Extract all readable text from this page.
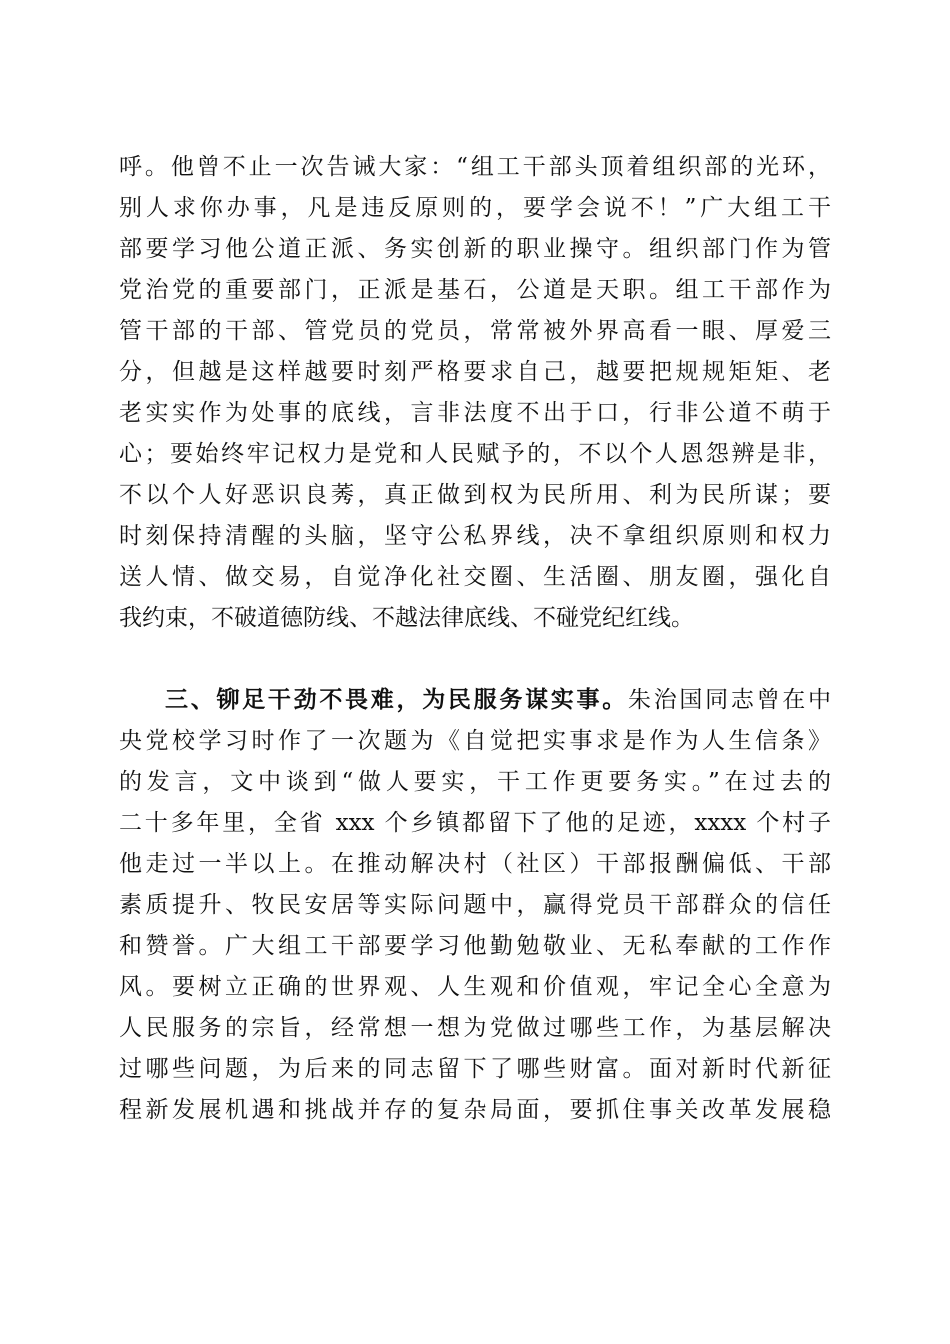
呼。他曾不止一次告诫大家：“组工干部头顶着组织部的光环，
别人求你办事，凡是违反原则的，要学会说不！”广大组工干
部要学习他公道正派、务实创新的职业操守。组织部门作为管
党治党的重要部门，正派是基石，公道是天职。组工干部作为
管干部的干部、管党员的党员，常常被外界高看一眼、厚爱三
分，但越是这样越要时刻严格要求自己，越要把规规矩矩、老
老实实作为处事的底线，言非法度不出于口，行非公道不萌于
心；要始终牢记权力是党和人民赋予的，不以个人恩怨辨是非，
不以个人好恶识良莠，真正做到权为民所用、利为民所谋；要
时刻保持清醒的头脑，坚守公私界线，决不拿组织原则和权力
送人情、做交易，自觉净化社交圈、生活圈、朋友圈，强化自
我约束，不破道德防线、不越法律底线、不碰党纪红线。
三、铆足干劲不畏难，为民服务谋实事。朱治国同志曾在中
央党校学习时作了一次题为《自觉把实事求是作为人生信条》
的发言，文中谈到“做人要实，干工作更要务实。”在过去的
二十多年里，全省 xxx 个乡镇都留下了他的足迹，xxxx 个村子
他走过一半以上。在推动解决村（社区）干部报酬偏低、干部
素质提升、牧民安居等实际问题中，赢得党员干部群众的信任
和赞誉。广大组工干部要学习他勤勉敬业、无私奉献的工作作
风。要树立正确的世界观、人生观和价值观，牢记全心全意为
人民服务的宗旨，经常想一想为党做过哪些工作，为基层解决
过哪些问题，为后来的同志留下了哪些财富。面对新时代新征
程新发展机遇和挑战并存的复杂局面，要抓住事关改革发展稳
